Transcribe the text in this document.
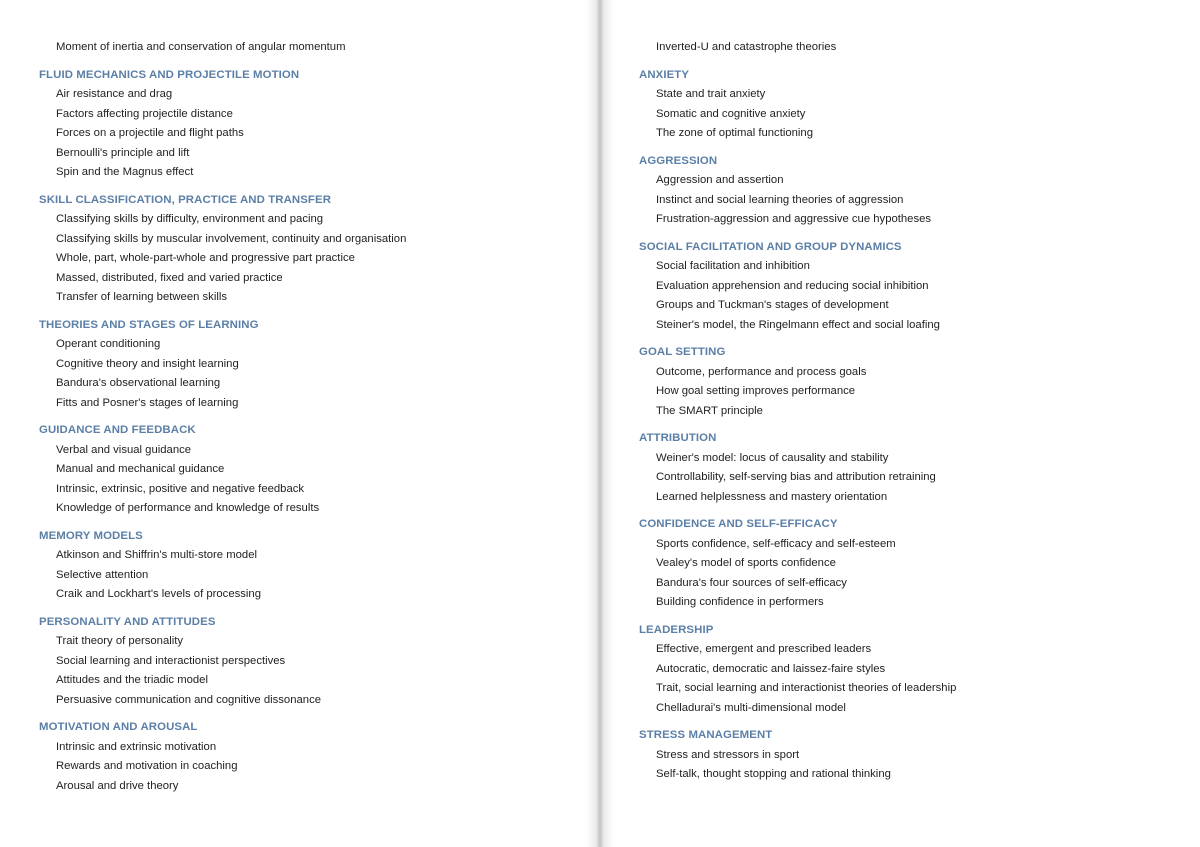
Moment of inertia and conservation of angular momentum
FLUID MECHANICS AND PROJECTILE MOTION
Air resistance and drag
Factors affecting projectile distance
Forces on a projectile and flight paths
Bernoulli's principle and lift
Spin and the Magnus effect
SKILL CLASSIFICATION, PRACTICE AND TRANSFER
Classifying skills by difficulty, environment and pacing
Classifying skills by muscular involvement, continuity and organisation
Whole, part, whole-part-whole and progressive part practice
Massed, distributed, fixed and varied practice
Transfer of learning between skills
THEORIES AND STAGES OF LEARNING
Operant conditioning
Cognitive theory and insight learning
Bandura's observational learning
Fitts and Posner's stages of learning
GUIDANCE AND FEEDBACK
Verbal and visual guidance
Manual and mechanical guidance
Intrinsic, extrinsic, positive and negative feedback
Knowledge of performance and knowledge of results
MEMORY MODELS
Atkinson and Shiffrin's multi-store model
Selective attention
Craik and Lockhart's levels of processing
PERSONALITY AND ATTITUDES
Trait theory of personality
Social learning and interactionist perspectives
Attitudes and the triadic model
Persuasive communication and cognitive dissonance
MOTIVATION AND AROUSAL
Intrinsic and extrinsic motivation
Rewards and motivation in coaching
Arousal and drive theory
Inverted-U and catastrophe theories
ANXIETY
State and trait anxiety
Somatic and cognitive anxiety
The zone of optimal functioning
AGGRESSION
Aggression and assertion
Instinct and social learning theories of aggression
Frustration-aggression and aggressive cue hypotheses
SOCIAL FACILITATION AND GROUP DYNAMICS
Social facilitation and inhibition
Evaluation apprehension and reducing social inhibition
Groups and Tuckman's stages of development
Steiner's model, the Ringelmann effect and social loafing
GOAL SETTING
Outcome, performance and process goals
How goal setting improves performance
The SMART principle
ATTRIBUTION
Weiner's model: locus of causality and stability
Controllability, self-serving bias and attribution retraining
Learned helplessness and mastery orientation
CONFIDENCE AND SELF-EFFICACY
Sports confidence, self-efficacy and self-esteem
Vealey's model of sports confidence
Bandura's four sources of self-efficacy
Building confidence in performers
LEADERSHIP
Effective, emergent and prescribed leaders
Autocratic, democratic and laissez-faire styles
Trait, social learning and interactionist theories of leadership
Chelladurai's multi-dimensional model
STRESS MANAGEMENT
Stress and stressors in sport
Self-talk, thought stopping and rational thinking
